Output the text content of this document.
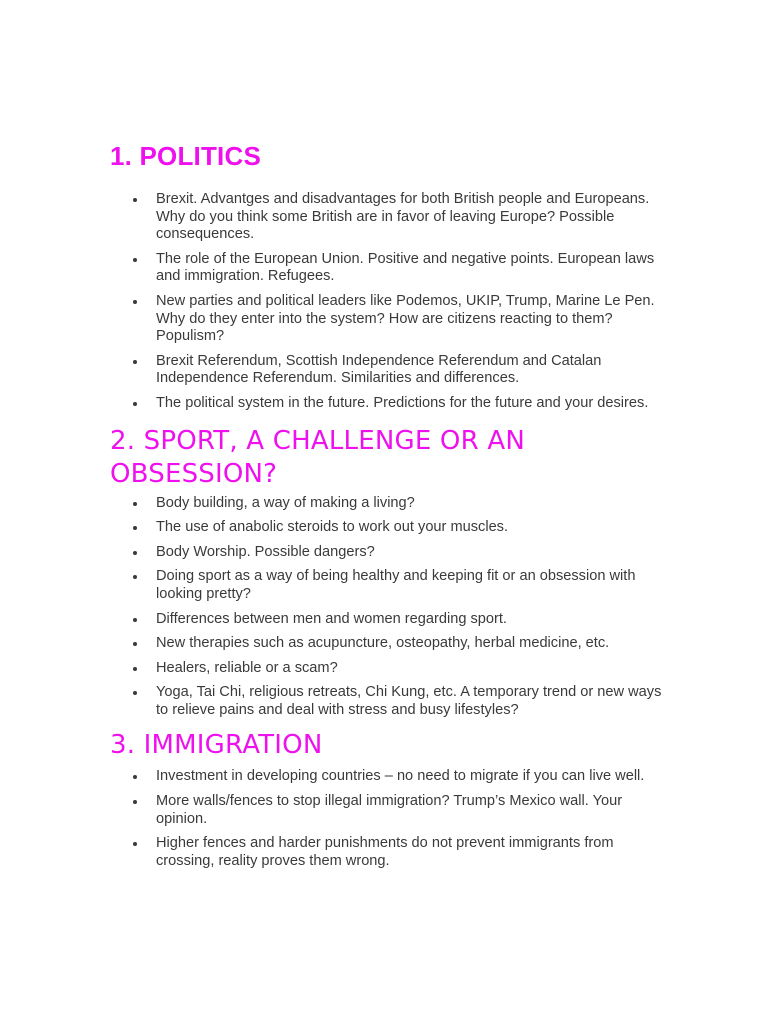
1. POLITICS
Brexit. Advantges and disadvantages for both British people and Europeans. Why do you think some British are in favor of leaving Europe? Possible consequences.
The role of the European Union. Positive and negative points. European laws and immigration. Refugees.
New parties and political leaders like Podemos, UKIP, Trump, Marine Le Pen. Why do they enter into the system? How are citizens reacting to them? Populism?
Brexit Referendum, Scottish Independence Referendum and Catalan Independence Referendum. Similarities and differences.
The political system in the future. Predictions for the future and your desires.
2. SPORT, A CHALLENGE OR AN OBSESSION?
Body building, a way of making a living?
The use of anabolic steroids to work out your muscles.
Body Worship. Possible dangers?
Doing sport as a way of being healthy and keeping fit or an obsession with looking pretty?
Differences between men and women regarding sport.
New therapies such as acupuncture, osteopathy, herbal medicine, etc.
Healers, reliable or a scam?
Yoga, Tai Chi, religious retreats, Chi Kung, etc. A temporary trend or new ways to relieve pains and deal with stress and busy lifestyles?
3. IMMIGRATION
Investment in developing countries – no need to migrate if you can live well.
More walls/fences to stop illegal immigration? Trump’s Mexico wall. Your opinion.
Higher fences and harder punishments do not prevent immigrants from crossing, reality proves them wrong.
